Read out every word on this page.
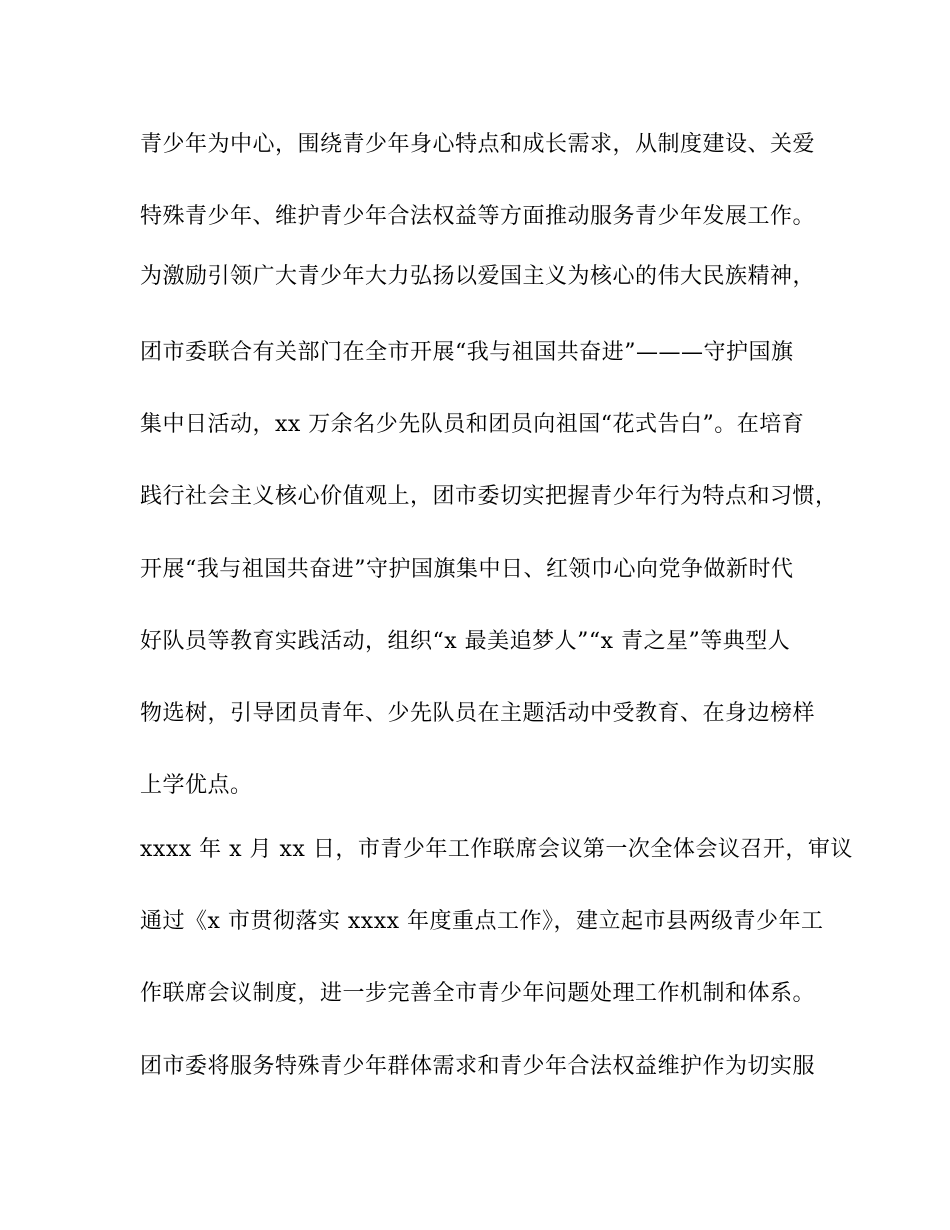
青少年为中心，围绕青少年身心特点和成长需求，从制度建设、关爱
特殊青少年、维护青少年合法权益等方面推动服务青少年发展工作。
为激励引领广大青少年大力弘扬以爱国主义为核心的伟大民族精神，
团市委联合有关部门在全市开展“我与祖国共奋进”———守护国旗
集中日活动，xx 万余名少先队员和团员向祖国“花式告白”。在培育
践行社会主义核心价值观上，团市委切实把握青少年行为特点和习惯，
开展“我与祖国共奋进”守护国旗集中日、红领巾心向党争做新时代
好队员等教育实践活动，组织“x 最美追梦人”“x 青之星”等典型人
物选树，引导团员青年、少先队员在主题活动中受教育、在身边榜样
上学优点。
xxxx 年 x 月 xx 日，市青少年工作联席会议第一次全体会议召开，审议
通过《x 市贯彻落实 xxxx 年度重点工作》，建立起市县两级青少年工
作联席会议制度，进一步完善全市青少年问题处理工作机制和体系。
团市委将服务特殊青少年群体需求和青少年合法权益维护作为切实服
